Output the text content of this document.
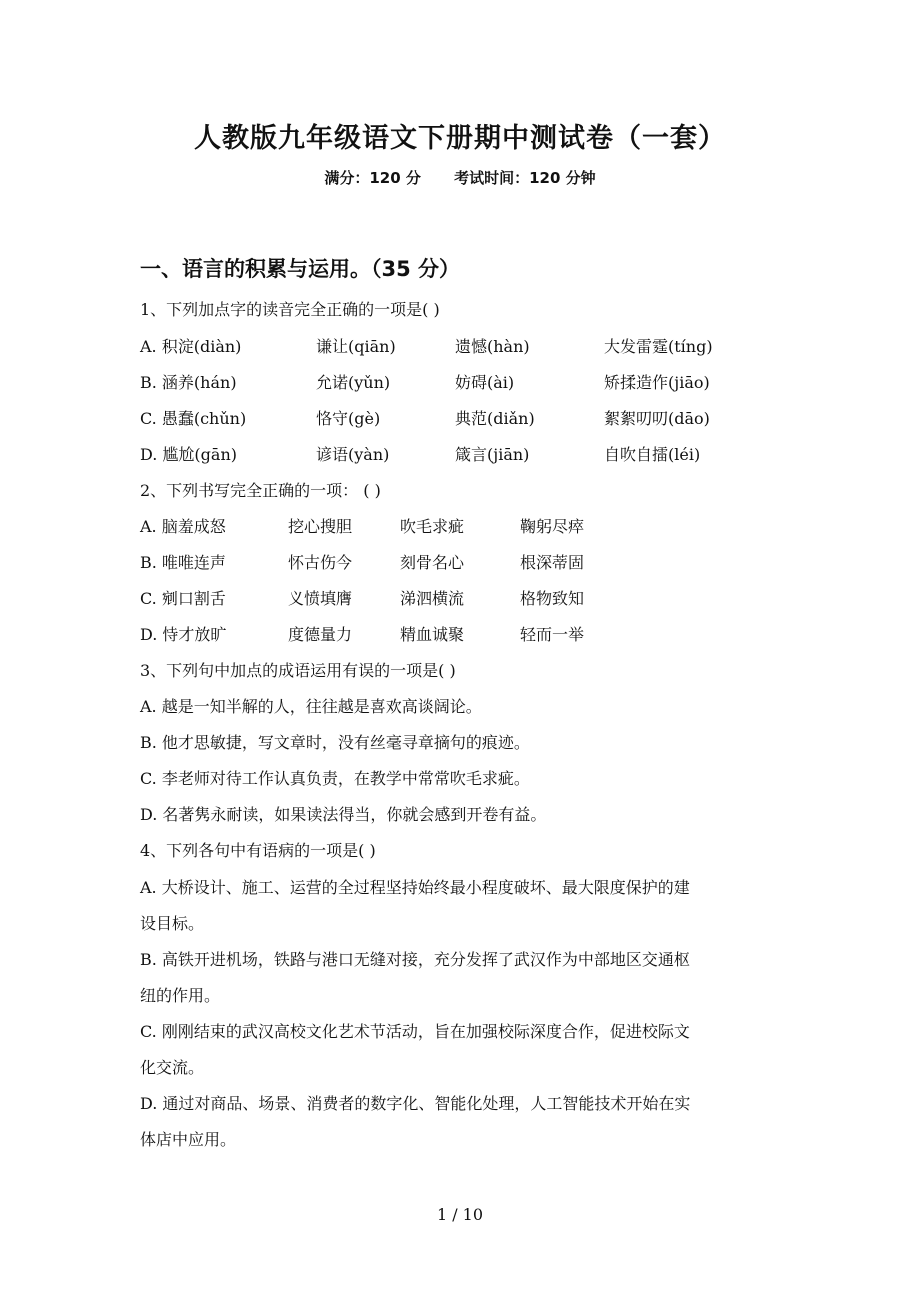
人教版九年级语文下册期中测试卷（一套）
满分：120 分 考试时间：120 分钟
一、语言的积累与运用。（35 分）
1、下列加点字的读音完全正确的一项是( )
A. 积淀(diàn)	谦让(qiān)	遗憾(hàn)	大发雷霆(tíng)
B. 涵养(hán)	允诺(yǔn)	妨碍(ài)	矫揉造作(jiāo)
C. 愚蠢(chǔn)	恪守(gè)	典范(diǎn)	絮絮叨叨(dāo)
D. 尴尬(gān)	谚语(yàn)	箴言(jiān)	自吹自擂(léi)
2、下列书写完全正确的一项： ( )
A. 脑羞成怒	挖心搜胆	吹毛求疵	鞠躬尽瘁
B. 唯唯连声	怀古伤今	刻骨名心	根深蒂固
C. 剜口割舌	义愤填膺	涕泗横流	格物致知
D. 恃才放旷	度德量力	精血诚聚	轻而一举
3、下列句中加点的成语运用有误的一项是( )
A. 越是一知半解的人，往往越是喜欢高谈阔论。
B. 他才思敏捷，写文章时，没有丝毫寻章摘句的痕迹。
C. 李老师对待工作认真负责，在教学中常常吹毛求疵。
D. 名著隽永耐读，如果读法得当，你就会感到开卷有益。
4、下列各句中有语病的一项是( )
A. 大桥设计、施工、运营的全过程坚持始终最小程度破坏、最大限度保护的建
设目标。
B. 高铁开进机场，铁路与港口无缝对接，充分发挥了武汉作为中部地区交通枢
纽的作用。
C. 刚刚结束的武汉高校文化艺术节活动，旨在加强校际深度合作，促进校际文
化交流。
D. 通过对商品、场景、消费者的数字化、智能化处理，人工智能技术开始在实
体店中应用。
1 / 10
